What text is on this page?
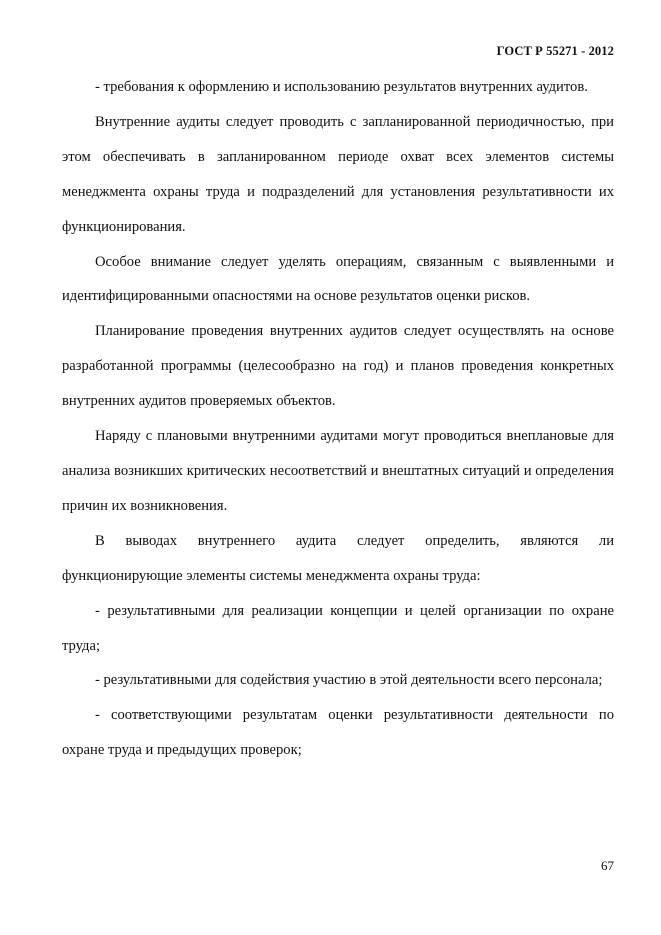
ГОСТ Р 55271 - 2012

- требования к оформлению и использованию результатов внутренних аудитов.

Внутренние аудиты следует проводить с запланированной периодичностью, при этом обеспечивать в запланированном периоде охват всех элементов системы менеджмента охраны труда и подразделений для установления результативности их функционирования.

Особое внимание следует уделять операциям, связанным с выявленными и идентифицированными опасностями на основе результатов оценки рисков.

Планирование проведения внутренних аудитов следует осуществлять на основе разработанной программы (целесообразно на год) и планов проведения конкретных внутренних аудитов проверяемых объектов.

Наряду с плановыми внутренними аудитами могут проводиться внеплановые для анализа возникших критических несоответствий и внештатных ситуаций и определения причин их возникновения.

В выводах внутреннего аудита следует определить, являются ли функционирующие элементы системы менеджмента охраны труда:

- результативными для реализации концепции и целей организации по охране труда;

- результативными для содействия участию в этой деятельности всего персонала;

- соответствующими результатам оценки результативности деятельности по охране труда и предыдущих проверок;

67
